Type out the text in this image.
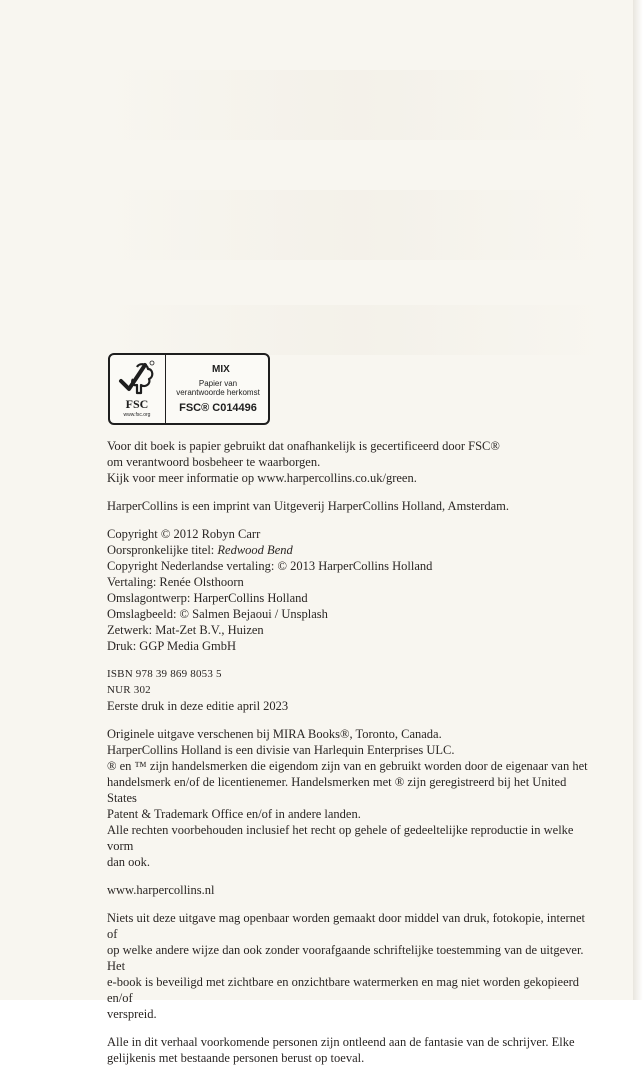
FSC
www.fsc.org
MIX
Papier van
verantwoorde herkomst
FSC® C014496

Voor dit boek is papier gebruikt dat onafhankelijk is gecertificeerd door FSC®

om verantwoord bosbeheer te waarborgen.

Kijk voor meer informatie op www.harpercollins.co.uk/green.

HarperCollins is een imprint van Uitgeverij HarperCollins Holland, Amsterdam.

Copyright © 2012 Robyn Carr

Oorspronkelijke titel: Redwood Bend

Copyright Nederlandse vertaling: © 2013 HarperCollins Holland

Vertaling: Renée Olsthoorn

Omslagontwerp: HarperCollins Holland

Omslagbeeld: © Salmen Bejaoui / Unsplash

Zetwerk: Mat-Zet B.V., Huizen

Druk: GGP Media GmbH

ISBN 978 39 869 8053 5

NUR 302

Eerste druk in deze editie april 2023

Originele uitgave verschenen bij MIRA Books®, Toronto, Canada.

HarperCollins Holland is een divisie van Harlequin Enterprises ULC.

® en ™ zijn handelsmerken die eigendom zijn van en gebruikt worden door de eigenaar van het

handelsmerk en/of de licentienemer. Handelsmerken met ® zijn geregistreerd bij het United States

Patent & Trademark Office en/of in andere landen.

Alle rechten voorbehouden inclusief het recht op gehele of gedeeltelijke reproductie in welke vorm

dan ook.

www.harpercollins.nl

Niets uit deze uitgave mag openbaar worden gemaakt door middel van druk, fotokopie, internet of

op welke andere wijze dan ook zonder voorafgaande schriftelijke toestemming van de uitgever. Het

e-book is beveiligd met zichtbare en onzichtbare watermerken en mag niet worden gekopieerd en/of

verspreid.

Alle in dit verhaal voorkomende personen zijn ontleend aan de fantasie van de schrijver. Elke

gelijkenis met bestaande personen berust op toeval.
